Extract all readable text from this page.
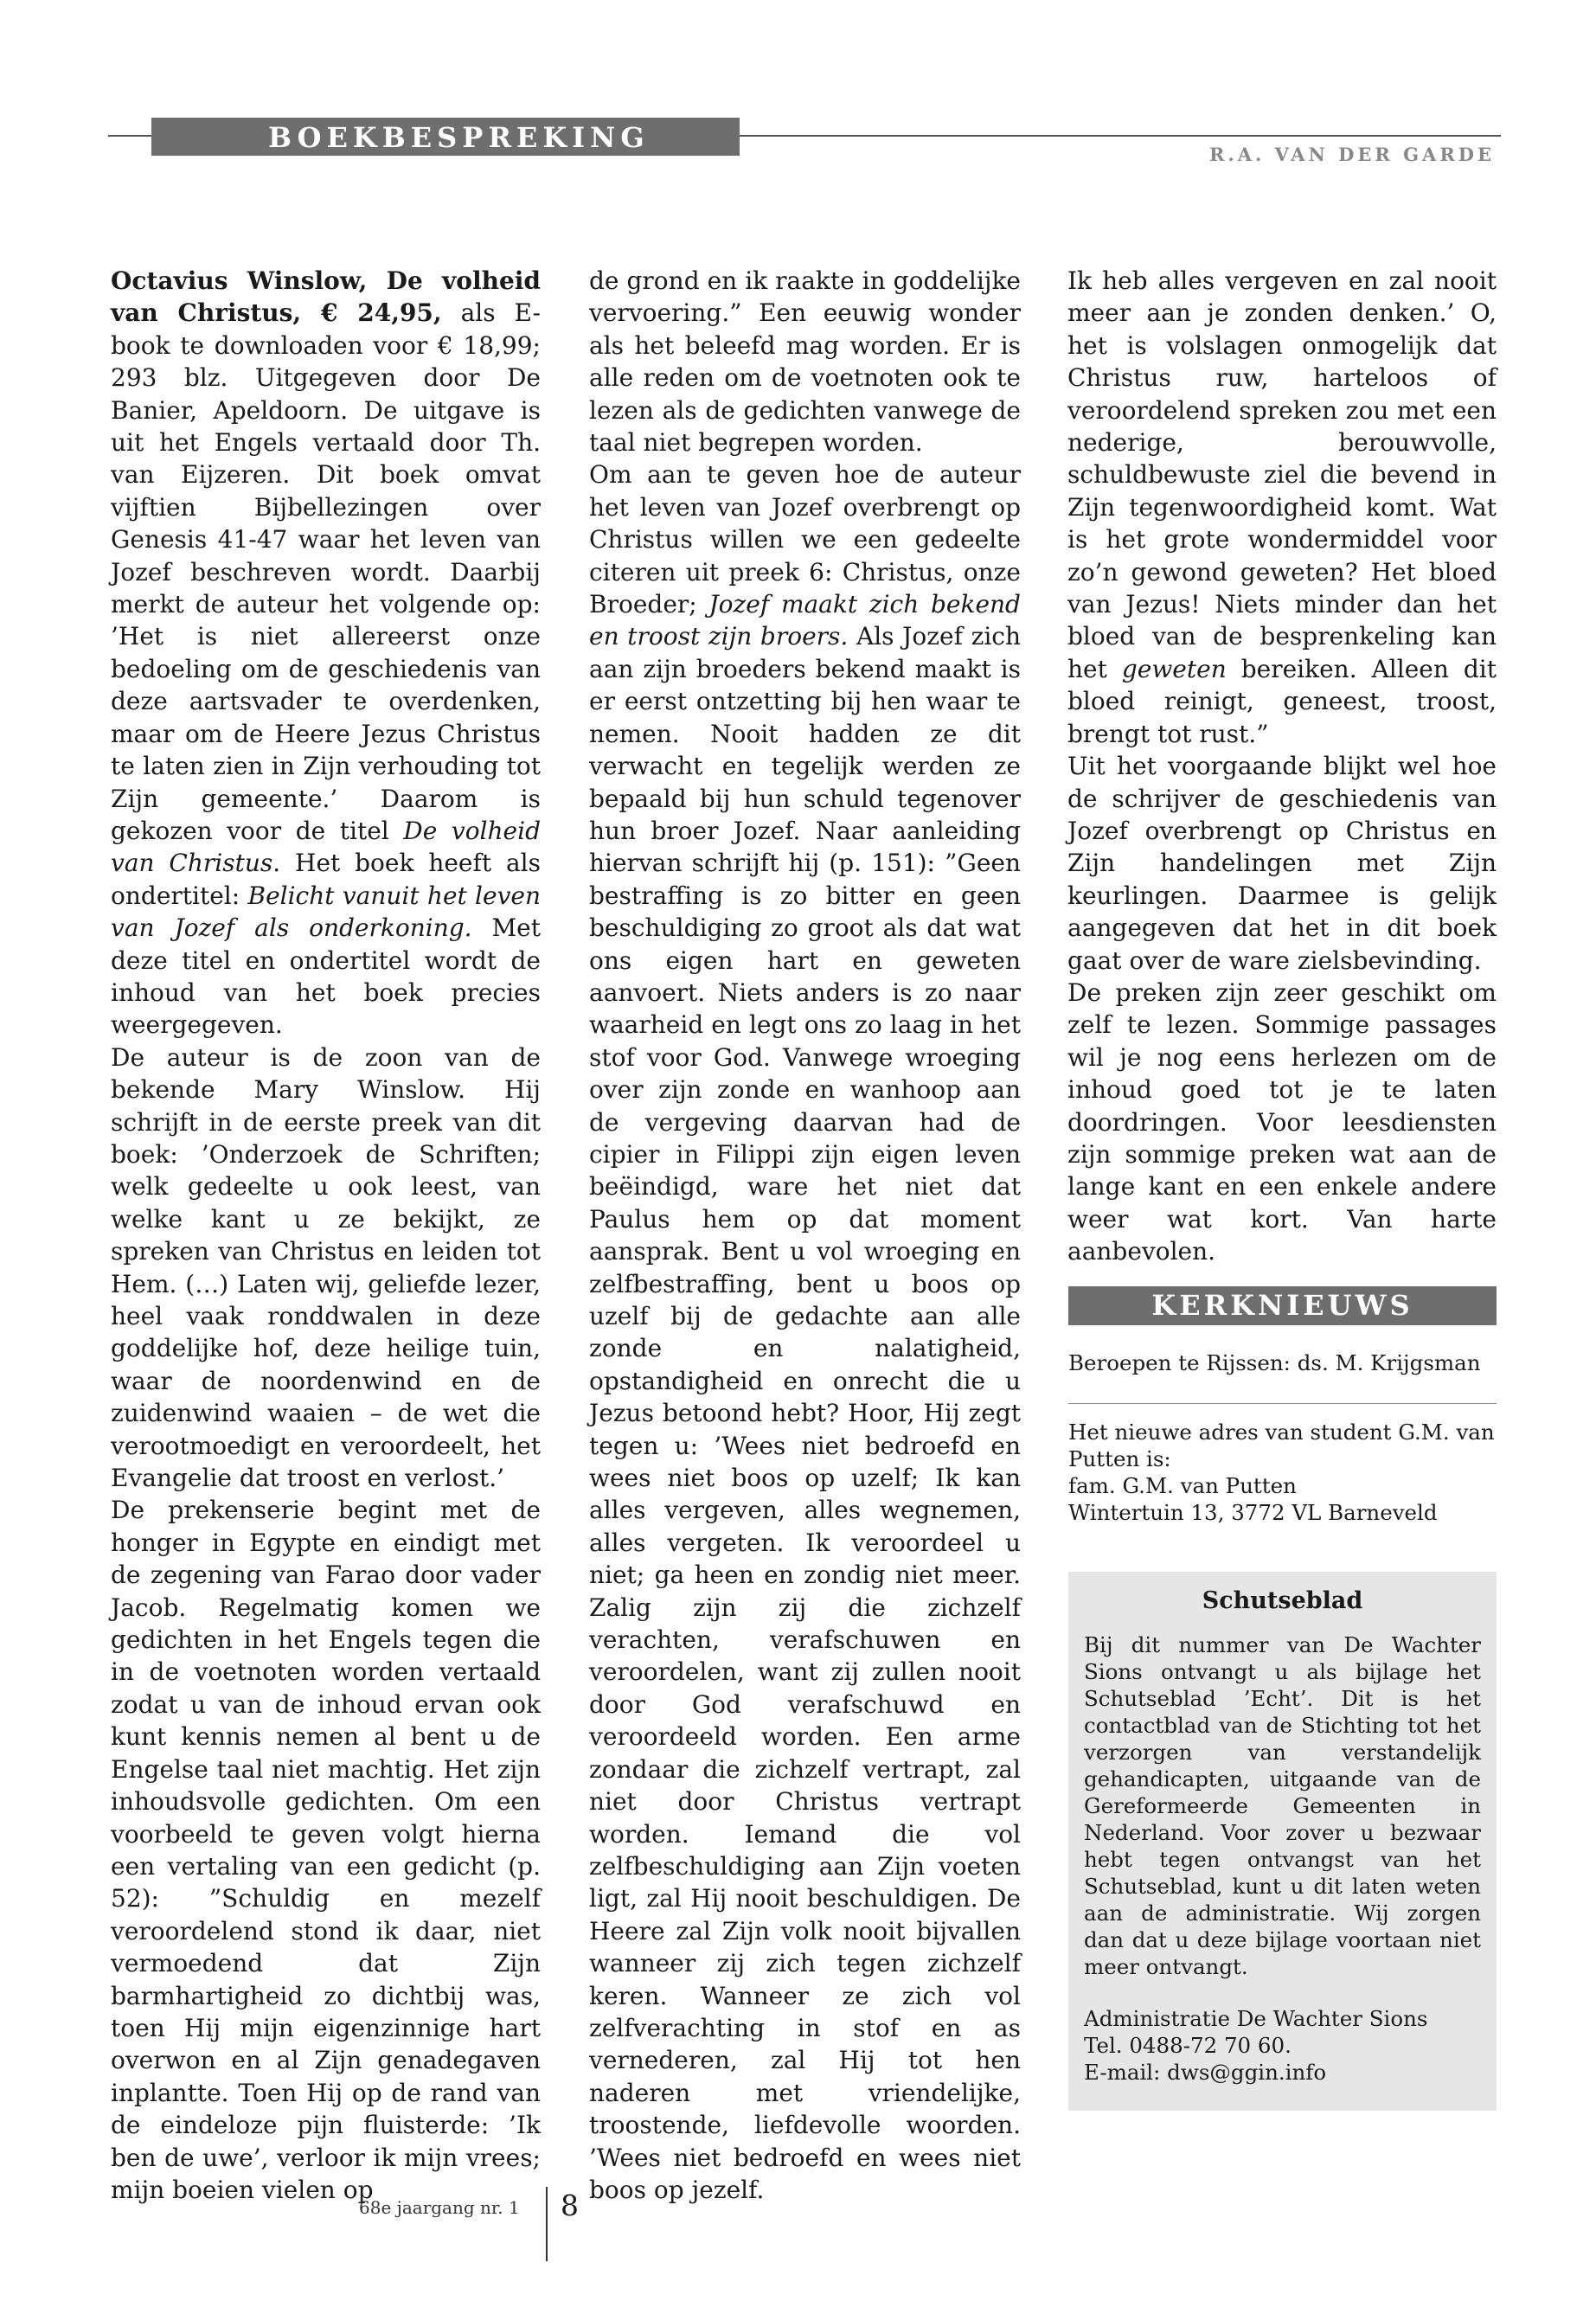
BOEKBESPREKING
R.A. VAN DER GARDE

Octavius Winslow, De volheid van Christus, € 24,95, als E-book te downloaden voor € 18,99; 293 blz. Uitgegeven door De Banier, Apeldoorn. De uitgave is uit het Engels vertaald door Th. van Eijzeren. Dit boek omvat vijftien Bijbellezingen over Genesis 41-47 waar het leven van Jozef beschreven wordt. Daarbij merkt de auteur het volgende op: ’Het is niet allereerst onze bedoeling om de geschiedenis van deze aartsvader te overdenken, maar om de Heere Jezus Christus te laten zien in Zijn verhouding tot Zijn gemeente.’ Daarom is gekozen voor de titel De volheid van Christus. Het boek heeft als ondertitel: Belicht vanuit het leven van Jozef als onderkoning. Met deze titel en ondertitel wordt de inhoud van het boek precies weergegeven.

De auteur is de zoon van de bekende Mary Winslow. Hij schrijft in de eerste preek van dit boek: ’Onderzoek de Schriften; welk gedeelte u ook leest, van welke kant u ze bekijkt, ze spreken van Christus en leiden tot Hem. (…) Laten wij, geliefde lezer, heel vaak ronddwalen in deze goddelijke hof, deze heilige tuin, waar de noordenwind en de zuidenwind waaien – de wet die verootmoedigt en veroordeelt, het Evangelie dat troost en verlost.’

De prekenserie begint met de honger in Egypte en eindigt met de zegening van Farao door vader Jacob. Regelmatig komen we gedichten in het Engels tegen die in de voetnoten worden vertaald zodat u van de inhoud ervan ook kunt kennis nemen al bent u de Engelse taal niet machtig. Het zijn inhoudsvolle gedichten. Om een voorbeeld te geven volgt hierna een vertaling van een gedicht (p. 52): ”Schuldig en mezelf veroordelend stond ik daar, niet vermoedend dat Zijn barmhartigheid zo dichtbij was, toen Hij mijn eigenzinnige hart overwon en al Zijn genadegaven inplantte. Toen Hij op de rand van de eindeloze pijn fluisterde: ’Ik ben de uwe’, verloor ik mijn vrees; mijn boeien vielen op

de grond en ik raakte in goddelijke vervoering.” Een eeuwig wonder als het beleefd mag worden. Er is alle reden om de voetnoten ook te lezen als de gedichten vanwege de taal niet begrepen worden.

Om aan te geven hoe de auteur het leven van Jozef overbrengt op Christus willen we een gedeelte citeren uit preek 6: Christus, onze Broeder; Jozef maakt zich bekend en troost zijn broers. Als Jozef zich aan zijn broeders bekend maakt is er eerst ontzetting bij hen waar te nemen. Nooit hadden ze dit verwacht en tegelijk werden ze bepaald bij hun schuld tegenover hun broer Jozef. Naar aanleiding hiervan schrijft hij (p. 151): ”Geen bestraffing is zo bitter en geen beschuldiging zo groot als dat wat ons eigen hart en geweten aanvoert. Niets anders is zo naar waarheid en legt ons zo laag in het stof voor God. Vanwege wroeging over zijn zonde en wanhoop aan de vergeving daarvan had de cipier in Filippi zijn eigen leven beëindigd, ware het niet dat Paulus hem op dat moment aansprak. Bent u vol wroeging en zelfbestraffing, bent u boos op uzelf bij de gedachte aan alle zonde en nalatigheid, opstandigheid en onrecht die u Jezus betoond hebt? Hoor, Hij zegt tegen u: ’Wees niet bedroefd en wees niet boos op uzelf; Ik kan alles vergeven, alles wegnemen, alles vergeten. Ik veroordeel u niet; ga heen en zondig niet meer. Zalig zijn zij die zichzelf verachten, verafschuwen en veroordelen, want zij zullen nooit door God verafschuwd en veroordeeld worden. Een arme zondaar die zichzelf vertrapt, zal niet door Christus vertrapt worden. Iemand die vol zelfbeschuldiging aan Zijn voeten ligt, zal Hij nooit beschuldigen. De Heere zal Zijn volk nooit bijvallen wanneer zij zich tegen zichzelf keren. Wanneer ze zich vol zelfverachting in stof en as vernederen, zal Hij tot hen naderen met vriendelijke, troostende, liefdevolle woorden. ’Wees niet bedroefd en wees niet boos op jezelf.

Ik heb alles vergeven en zal nooit meer aan je zonden denken.’ O, het is volslagen onmogelijk dat Christus ruw, harteloos of veroordelend spreken zou met een nederige, berouwvolle, schuldbewuste ziel die bevend in Zijn tegenwoordigheid komt. Wat is het grote wondermiddel voor zo’n gewond geweten? Het bloed van Jezus! Niets minder dan het bloed van de besprenkeling kan het geweten bereiken. Alleen dit bloed reinigt, geneest, troost, brengt tot rust.”

Uit het voorgaande blijkt wel hoe de schrijver de geschiedenis van Jozef overbrengt op Christus en Zijn handelingen met Zijn keurlingen. Daarmee is gelijk aangegeven dat het in dit boek gaat over de ware zielsbevinding.

De preken zijn zeer geschikt om zelf te lezen. Sommige passages wil je nog eens herlezen om de inhoud goed tot je te laten doordringen. Voor leesdiensten zijn sommige preken wat aan de lange kant en een enkele andere weer wat kort. Van harte aanbevolen.

KERKNIEUWS
Beroepen te Rijssen: ds. M. Krijgsman
Het nieuwe adres van student G.M. van Putten is:
fam. G.M. van Putten
Wintertuin 13, 3772 VL Barneveld
Schutseblad
Bij dit nummer van De Wachter Sions ontvangt u als bijlage het Schutseblad ’Echt’. Dit is het contactblad van de Stichting tot het verzorgen van verstandelijk gehandicapten, uitgaande van de Gereformeerde Gemeenten in Nederland. Voor zover u bezwaar hebt tegen ontvangst van het Schutseblad, kunt u dit laten weten aan de administratie. Wij zorgen dan dat u deze bijlage voortaan niet meer ontvangt.
Administratie De Wachter Sions
Tel. 0488-72 70 60.
E-mail: dws@ggin.info
68e jaargang nr. 1 8
